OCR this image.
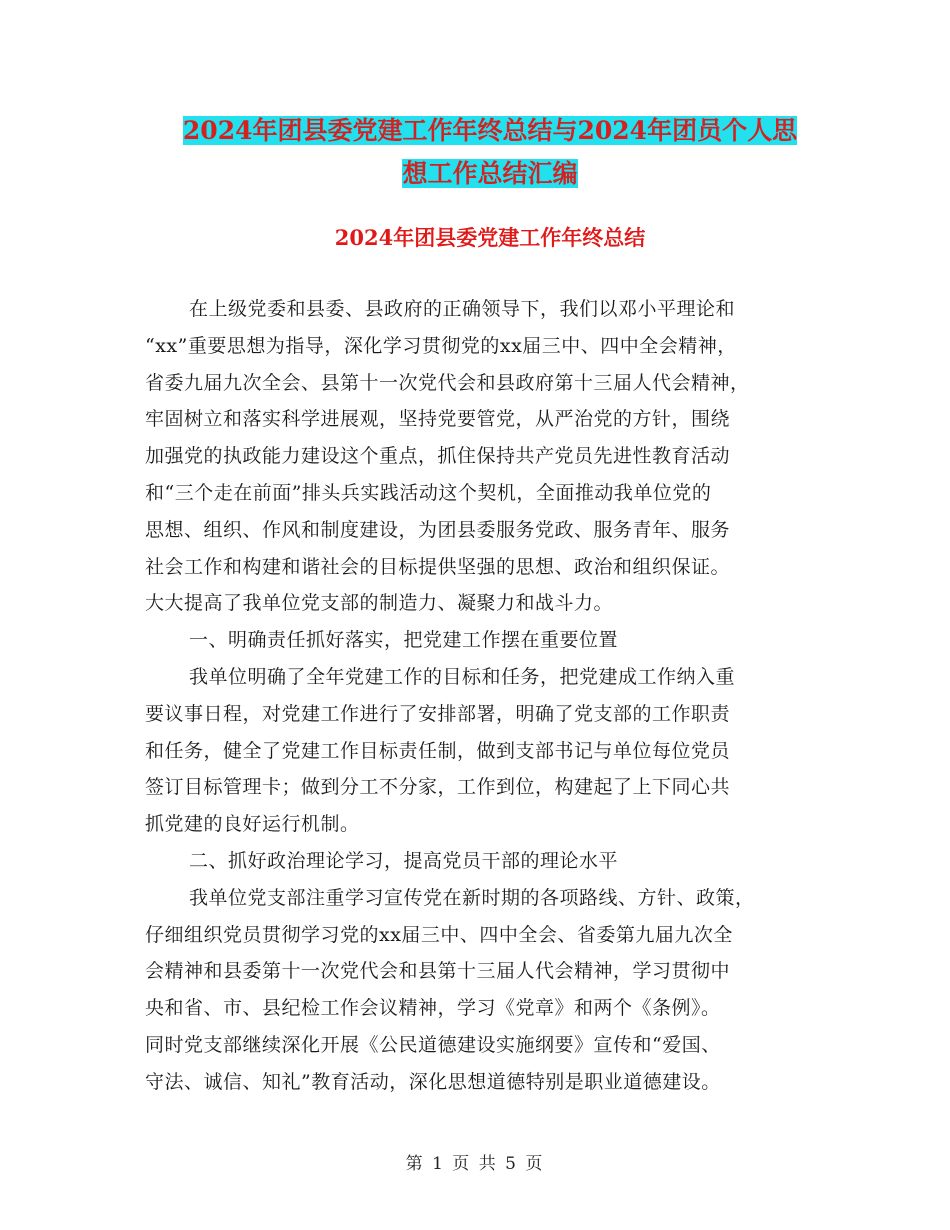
2024年团县委党建工作年终总结与2024年团员个人思
想工作总结汇编
2024年团县委党建工作年终总结
在上级党委和县委、县政府的正确领导下，我们以邓小平理论和
“xx”重要思想为指导，深化学习贯彻党的xx届三中、四中全会精神，
省委九届九次全会、县第十一次党代会和县政府第十三届人代会精神，
牢固树立和落实科学进展观，坚持党要管党，从严治党的方针，围绕
加强党的执政能力建设这个重点，抓住保持共产党员先进性教育活动
和“三个走在前面”排头兵实践活动这个契机，全面推动我单位党的
思想、组织、作风和制度建设，为团县委服务党政、服务青年、服务
社会工作和构建和谐社会的目标提供坚强的思想、政治和组织保证。
大大提高了我单位党支部的制造力、凝聚力和战斗力。
一、明确责任抓好落实，把党建工作摆在重要位置
我单位明确了全年党建工作的目标和任务，把党建成工作纳入重
要议事日程，对党建工作进行了安排部署，明确了党支部的工作职责
和任务，健全了党建工作目标责任制，做到支部书记与单位每位党员
签订目标管理卡；做到分工不分家，工作到位，构建起了上下同心共
抓党建的良好运行机制。
二、抓好政治理论学习，提高党员干部的理论水平
我单位党支部注重学习宣传党在新时期的各项路线、方针、政策，
仔细组织党员贯彻学习党的xx届三中、四中全会、省委第九届九次全
会精神和县委第十一次党代会和县第十三届人代会精神，学习贯彻中
央和省、市、县纪检工作会议精神，学习《党章》和两个《条例》。
同时党支部继续深化开展《公民道德建设实施纲要》宣传和“爱国、
守法、诚信、知礼”教育活动，深化思想道德特别是职业道德建设。
第 1 页 共 5 页
